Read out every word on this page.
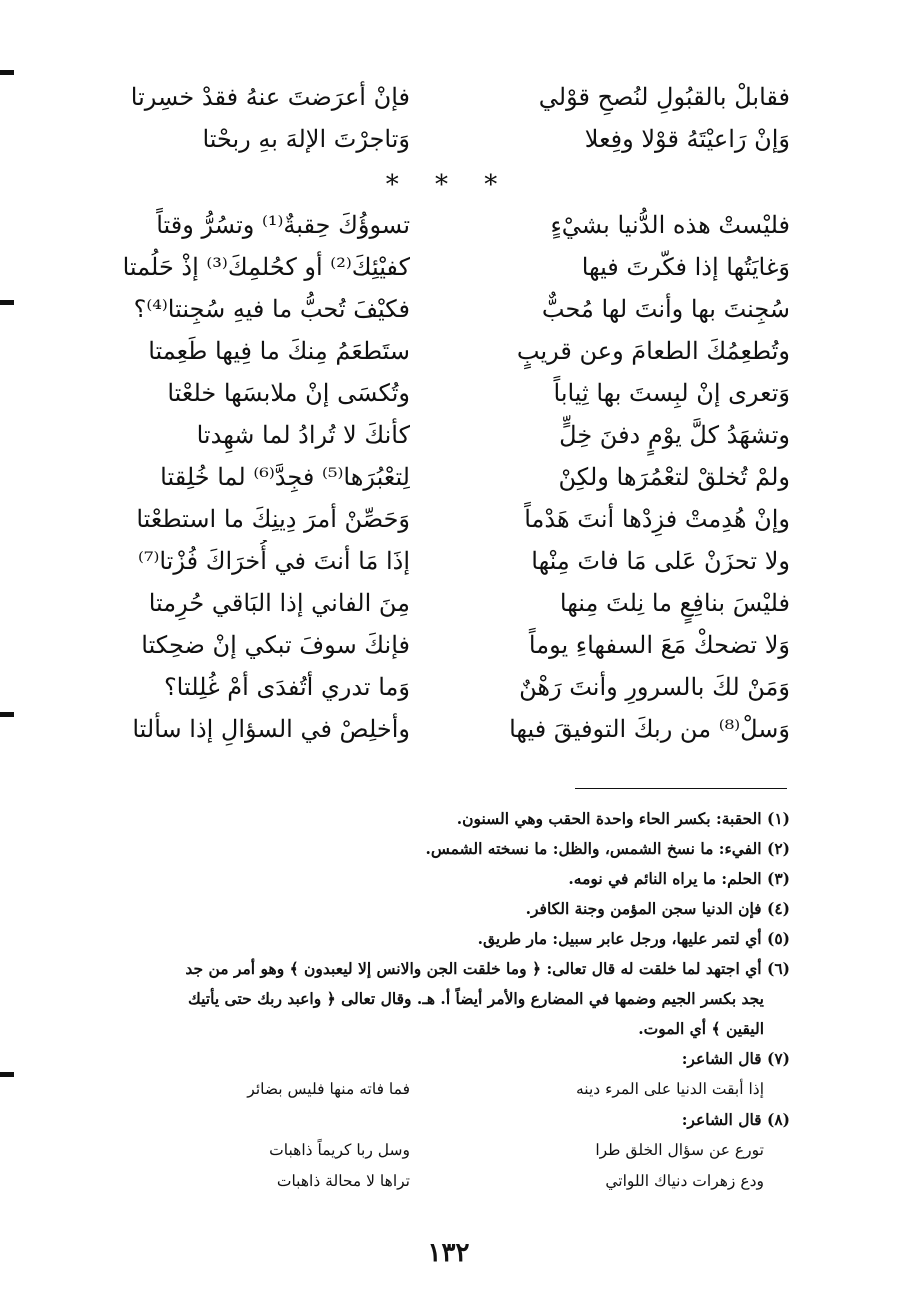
فقابلْ بالقبُولِ لنُصحِ قوْلي
فإنْ أعرَضتَ عنهُ فقدْ خسِرتا
وَإنْ رَاعيْتَهُ قوْلا وفِعلا
وَتاجرْتَ الإلهَ بهِ ربحْتا
* * *
فليْستْ هذه الدُّنيا بشيْءٍ
تسوؤُكَ حِقبةٌ⁽¹⁾ وتسُرُّ وقتاً
وَغايَتُها إذا فكّرتَ فيها
كفيْئِكَ⁽²⁾ أو كحُلمِكَ⁽³⁾ إذْ حَلُمتا
سُجِنتَ بها وأنتَ لها مُحبٌّ
فكيْفَ تُحبُّ ما فيهِ سُجِنتا⁽⁴⁾؟
وتُطعِمُكَ الطعامَ وعن قريبٍ
ستَطعَمُ مِنكَ ما فِيها طَعِمتا
وَتعرى إنْ لبِستَ بها ثِياباً
وتُكسَى إنْ ملابسَها خلعْتا
وتشهَدُ كلَّ يوْمٍ دفنَ خِلٍّ
كأنكَ لا تُرادُ لما شهِدتا
ولمْ تُخلقْ لتعْمُرَها ولكِنْ
لِتعْبُرَها⁽⁵⁾ فجِدَّ⁽⁶⁾ لما خُلِقتا
وإنْ هُدِمتْ فزِدْها أنتَ هَدْماً
وَحَصِّنْ أمرَ دِينِكَ ما استطعْتا
ولا تحزَنْ عَلى مَا فاتَ مِنْها
إذَا مَا أنتَ في أُخرَاكَ فُزْتا⁽⁷⁾
فليْسَ بنافِعٍ ما نِلتَ مِنها
مِنَ الفاني إذا البَاقي حُرِمتا
وَلا تضحكْ مَعَ السفهاءِ يوماً
فإنكَ سوفَ تبكي إنْ ضحِكتا
وَمَنْ لكَ بالسرورِ وأنتَ رَهْنٌ
وَما تدري أتُفدَى أمْ غُلِلتا؟
وَسلْ⁽⁸⁾ من ربكَ التوفيقَ فيها
وأخلِصْ في السؤالِ إذا سألتا
(١) الحقبة: بكسر الحاء واحدة الحقب وهي السنون.
(٢) الفيء: ما نسخ الشمس، والظل: ما نسخته الشمس.
(٣) الحلم: ما يراه النائم في نومه.
(٤) فإن الدنيا سجن المؤمن وجنة الكافر.
(٥) أي لتمر عليها، ورجل عابر سبيل: مار طريق.
(٦) أي اجتهد لما خلقت له قال تعالى: ﴿ وما خلقت الجن والانس إلا ليعبدون ﴾ وهو أمر من جد
يجد بكسر الجيم وضمها في المضارع والأمر أيضاً أ. هـ. وقال تعالى ﴿ واعبد ربك حتى يأتيك
اليقين ﴾ أي الموت.
(٧) قال الشاعر:
إذا أبقت الدنيا على المرء دينه
فما فاته منها فليس بضائر
(٨) قال الشاعر:
تورع عن سؤال الخلق طرا
وسل ربا كريماً ذاهبات
ودع زهرات دنياك اللواتي
تراها لا محالة ذاهبات
١٣٢
